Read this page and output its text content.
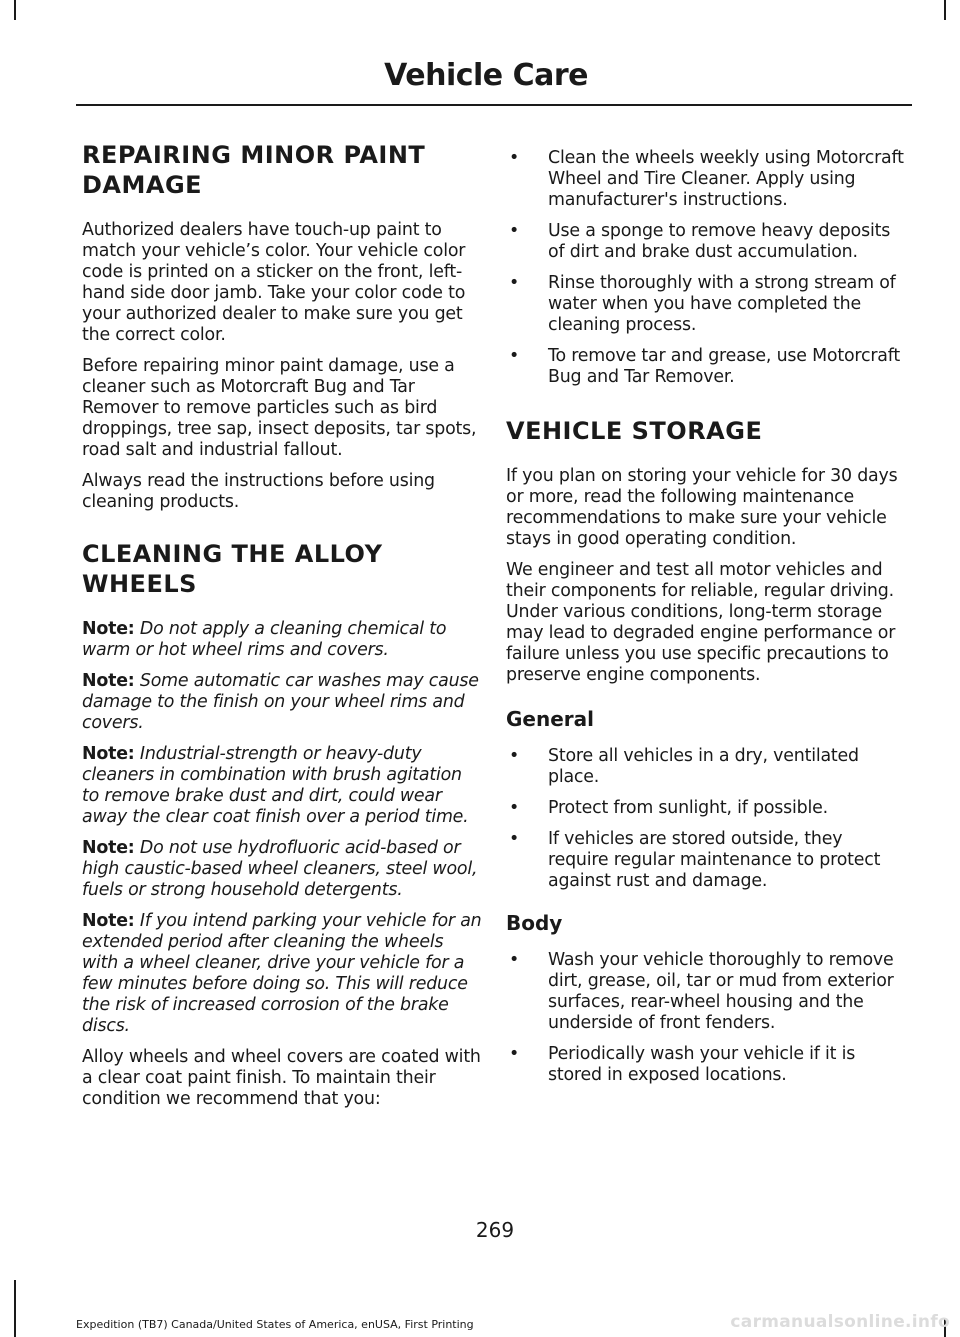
Vehicle Care
REPAIRING MINOR PAINT
DAMAGE

Authorized dealers have touch-up paint to match your vehicle’s color. Your vehicle color code is printed on a sticker on the front, left-hand side door jamb. Take your color code to your authorized dealer to make sure you get the correct color.

Before repairing minor paint damage, use a cleaner such as Motorcraft Bug and Tar Remover to remove particles such as bird droppings, tree sap, insect deposits, tar spots, road salt and industrial fallout.

Always read the instructions before using cleaning products.

CLEANING THE ALLOY
WHEELS

Note: Do not apply a cleaning chemical to warm or hot wheel rims and covers.

Note: Some automatic car washes may cause damage to the finish on your wheel rims and covers.

Note: Industrial-strength or heavy-duty cleaners in combination with brush agitation to remove brake dust and dirt, could wear away the clear coat finish over a period time.

Note: Do not use hydrofluoric acid-based or high caustic-based wheel cleaners, steel wool, fuels or strong household detergents.

Note: If you intend parking your vehicle for an extended period after cleaning the wheels with a wheel cleaner, drive your vehicle for a few minutes before doing so. This will reduce the risk of increased corrosion of the brake discs.

Alloy wheels and wheel covers are coated with a clear coat paint finish. To maintain their condition we recommend that you:

• Clean the wheels weekly using Motorcraft Wheel and Tire Cleaner. Apply using manufacturer's instructions.
• Use a sponge to remove heavy deposits of dirt and brake dust accumulation.
• Rinse thoroughly with a strong stream of water when you have completed the cleaning process.
• To remove tar and grease, use Motorcraft Bug and Tar Remover.
VEHICLE STORAGE

If you plan on storing your vehicle for 30 days or more, read the following maintenance recommendations to make sure your vehicle stays in good operating condition.

We engineer and test all motor vehicles and their components for reliable, regular driving. Under various conditions, long-term storage may lead to degraded engine performance or failure unless you use specific precautions to preserve engine components.

General
• Store all vehicles in a dry, ventilated place.
• Protect from sunlight, if possible.
• If vehicles are stored outside, they require regular maintenance to protect against rust and damage.
Body
• Wash your vehicle thoroughly to remove dirt, grease, oil, tar or mud from exterior surfaces, rear-wheel housing and the underside of front fenders.
• Periodically wash your vehicle if it is stored in exposed locations.
269
Expedition (TB7) Canada/United States of America, enUSA, First Printing	carmanualsonline.info
